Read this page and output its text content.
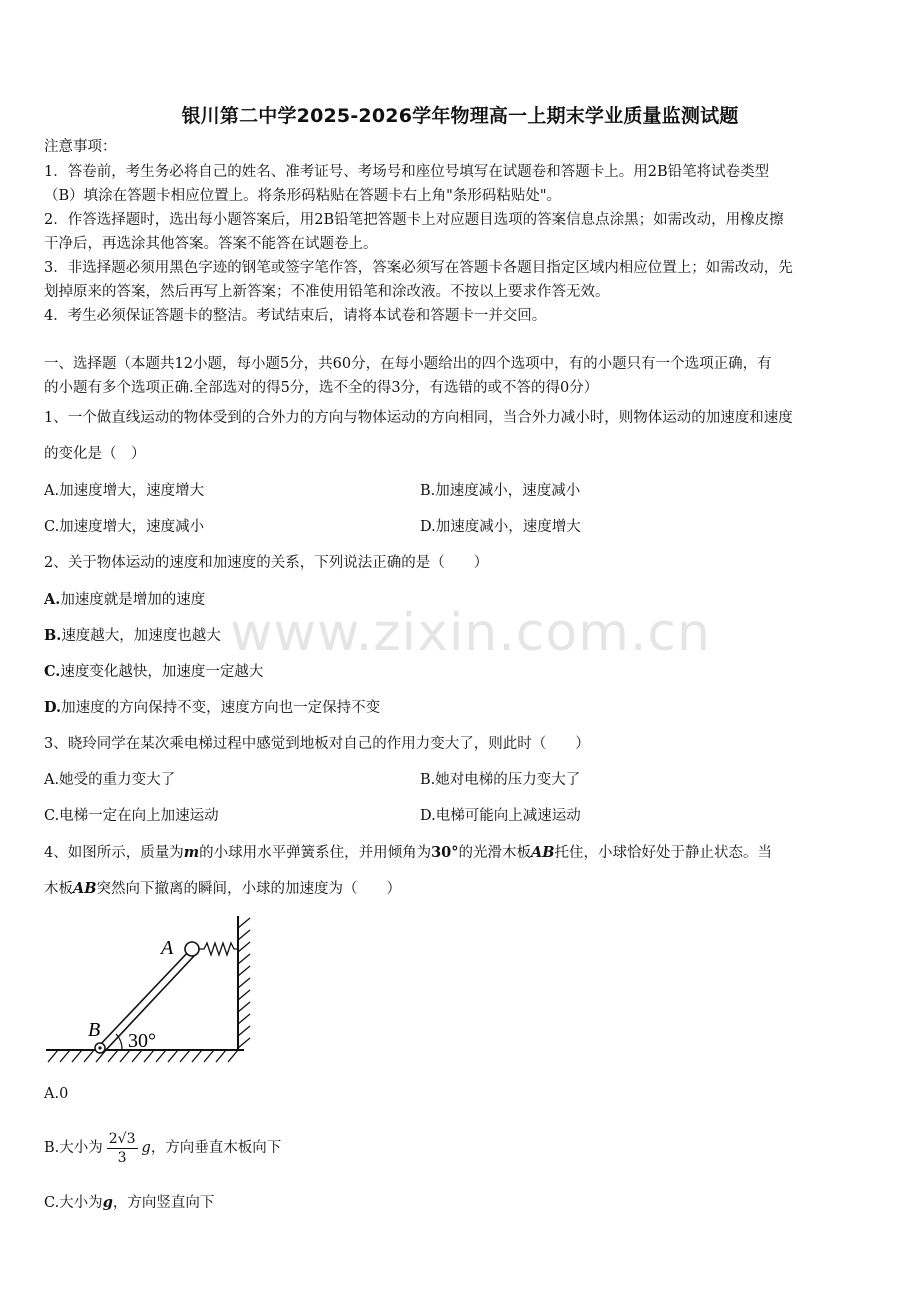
银川第二中学2025-2026学年物理高一上期末学业质量监测试题
注意事项：
1．答卷前，考生务必将自己的姓名、准考证号、考场号和座位号填写在试题卷和答题卡上。用2B铅笔将试卷类型
（B）填涂在答题卡相应位置上。将条形码粘贴在答题卡右上角"条形码粘贴处"。
2．作答选择题时，选出每小题答案后，用2B铅笔把答题卡上对应题目选项的答案信息点涂黑；如需改动，用橡皮擦
干净后，再选涂其他答案。答案不能答在试题卷上。
3．非选择题必须用黑色字迹的钢笔或签字笔作答，答案必须写在答题卡各题目指定区域内相应位置上；如需改动，先
划掉原来的答案，然后再写上新答案；不准使用铅笔和涂改液。不按以上要求作答无效。
4．考生必须保证答题卡的整洁。考试结束后，请将本试卷和答题卡一并交回。
一、选择题（本题共12小题，每小题5分，共60分，在每小题给出的四个选项中，有的小题只有一个选项正确，有
的小题有多个选项正确.全部选对的得5分，选不全的得3分，有选错的或不答的得0分）
1、一个做直线运动的物体受到的合外力的方向与物体运动的方向相同，当合外力减小时，则物体运动的加速度和速度
的变化是（　）
A.加速度增大，速度增大	B.加速度减小，速度减小
C.加速度增大，速度减小	D.加速度减小，速度增大
2、关于物体运动的速度和加速度的关系，下列说法正确的是（　　）
A.加速度就是增加的速度
B.速度越大，加速度也越大
C.速度变化越快，加速度一定越大
D.加速度的方向保持不变，速度方向也一定保持不变
www.zixin.com.cn
3、晓玲同学在某次乘电梯过程中感觉到地板对自己的作用力变大了，则此时（　　）
A.她受的重力变大了	B.她对电梯的压力变大了
C.电梯一定在向上加速运动	D.电梯可能向上减速运动
4、如图所示，质量为m的小球用水平弹簧系住，并用倾角为30°的光滑木板AB托住，小球恰好处于静止状态。当
木板AB突然向下撤离的瞬间，小球的加速度为（　　）
A
B 30°
A.0
B.大小为 $\frac{2√3}{3}$ g，方向垂直木板向下
C.大小为g，方向竖直向下
